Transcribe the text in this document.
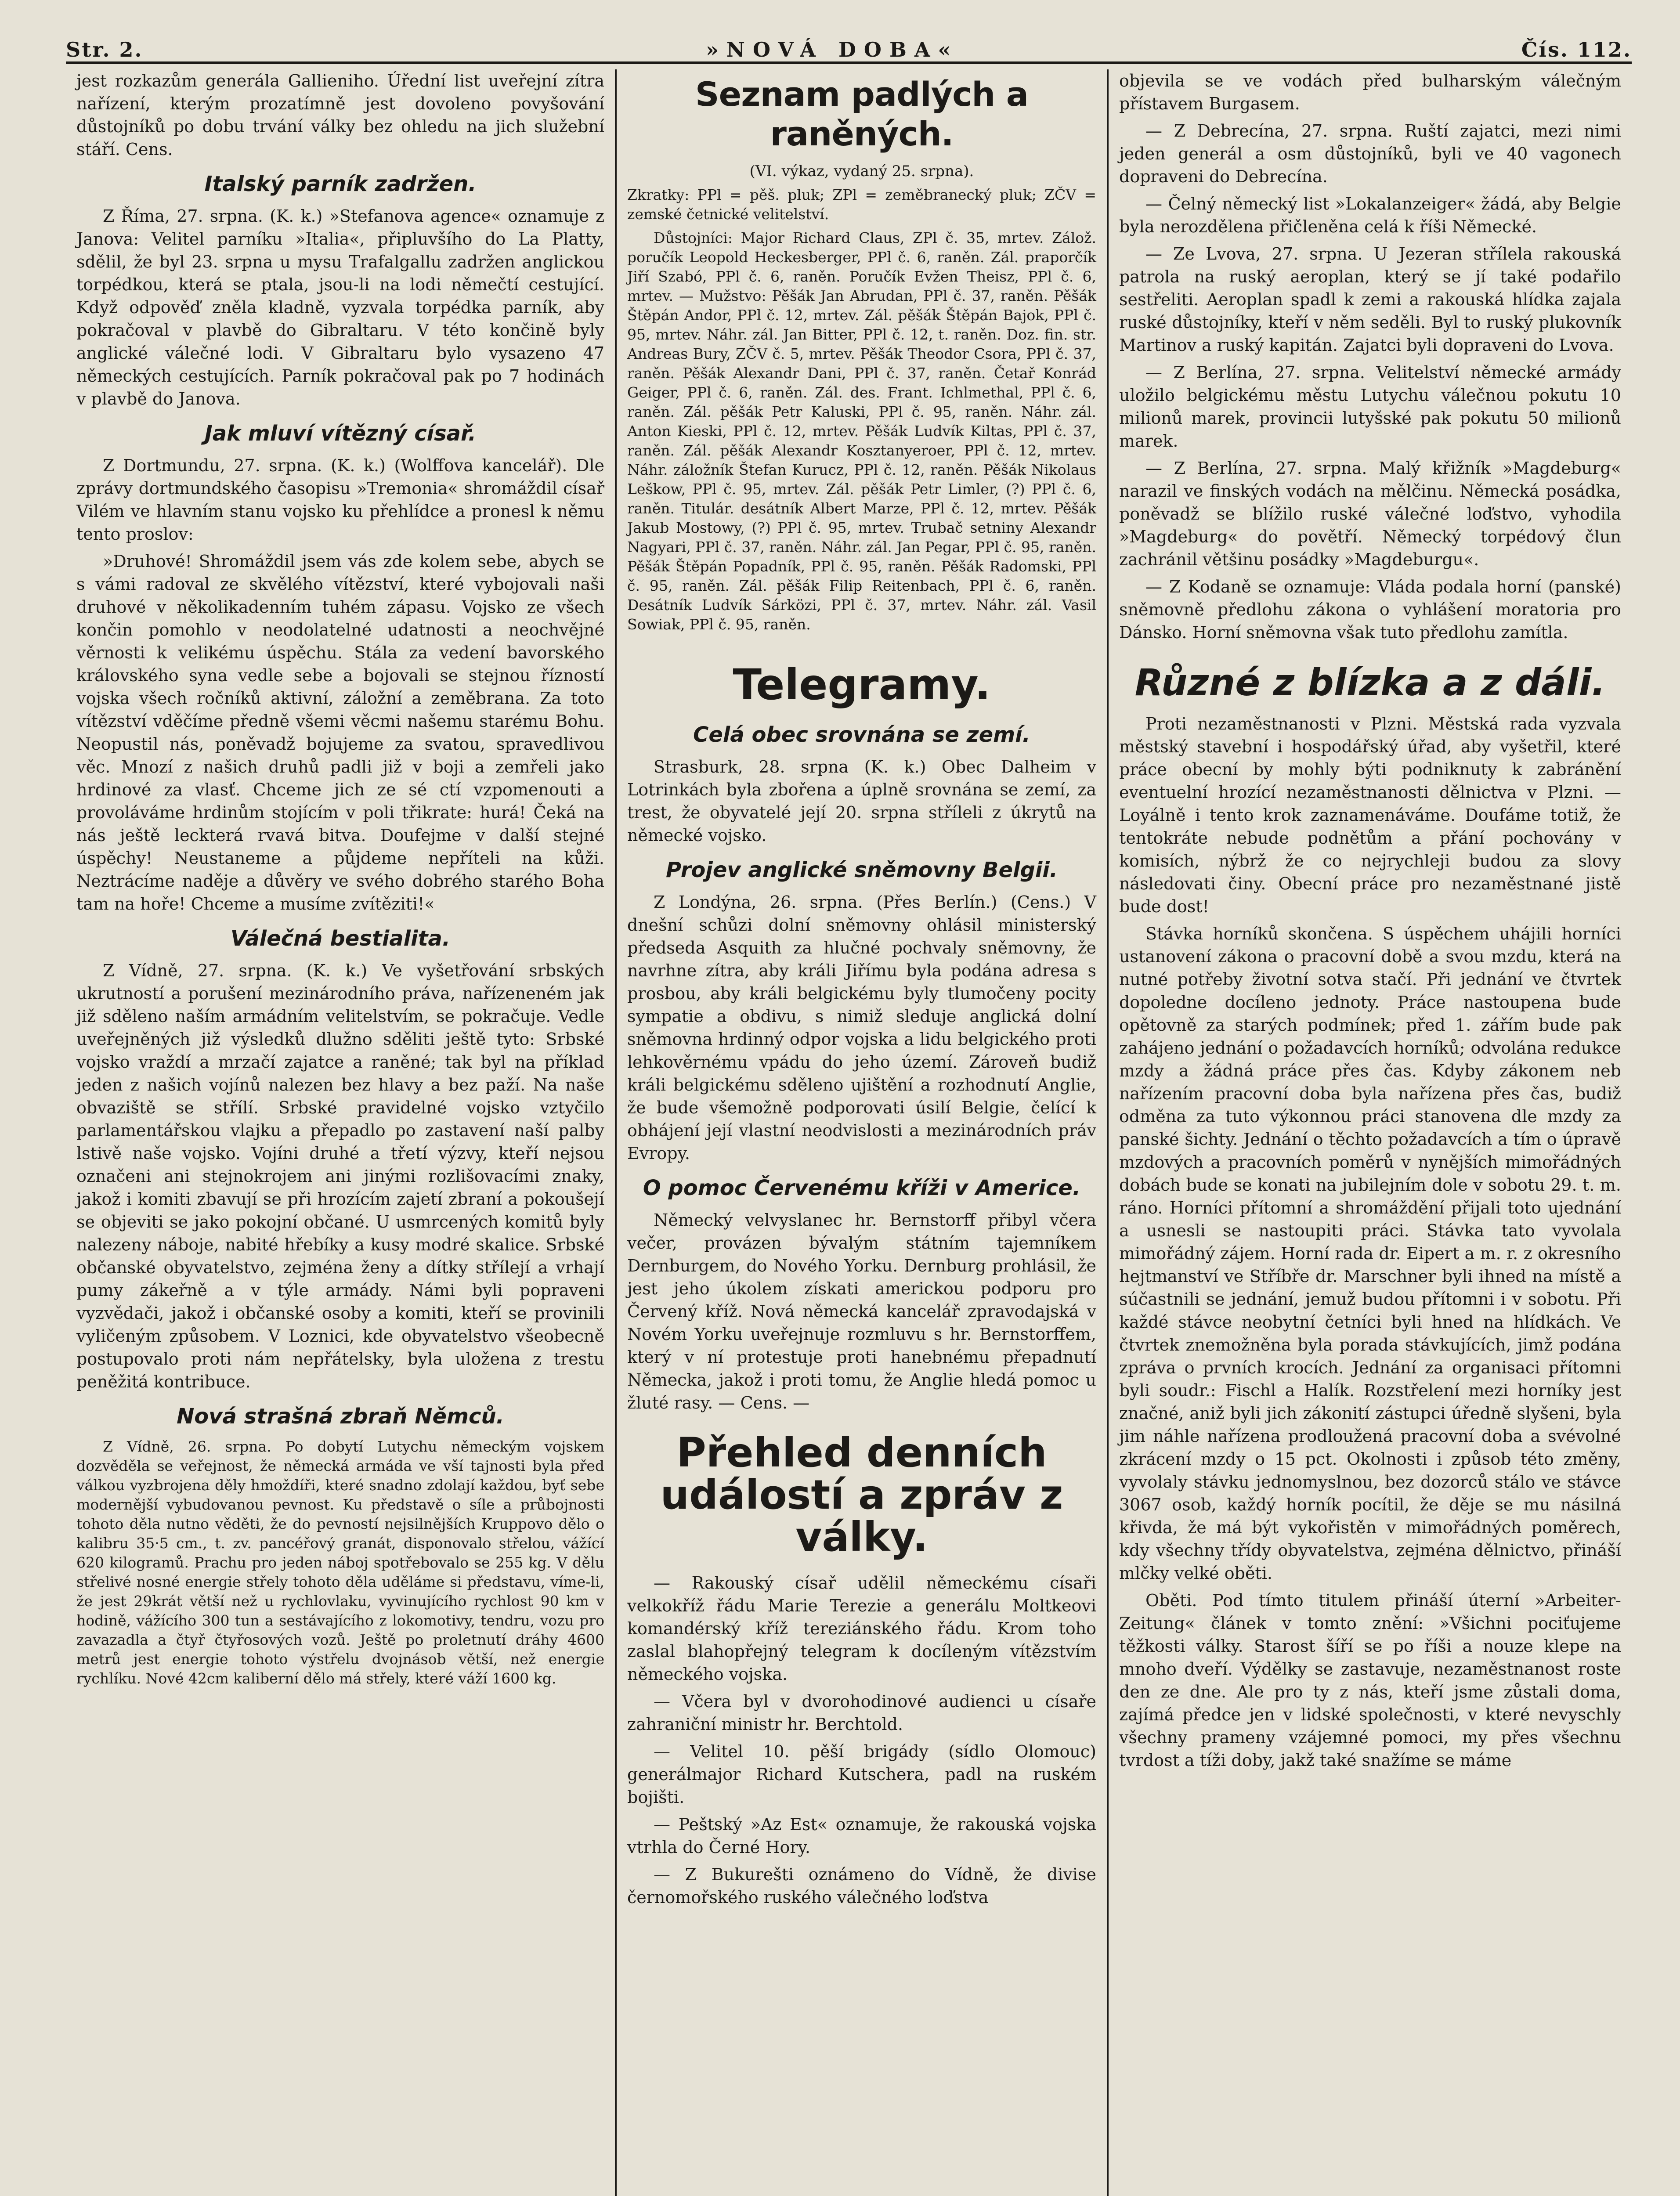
Str. 2.	»NOVÁ DOBA«	Čís. 112.

jest rozkazům generála Gallieniho. Úřední list uveřejní zítra nařízení, kterým prozatímně jest dovoleno povyšování důstojníků po dobu trvání války bez ohledu na jich služební stáří. Cens.

Italský parník zadržen.

Z Říma, 27. srpna. (K. k.) »Stefanova agence« oznamuje z Janova: Velitel parníku »Italia«, připluvšího do La Platty, sdělil, že byl 23. srpna u mysu Trafalgallu zadržen anglickou torpédkou, která se ptala, jsou-li na lodi němečtí cestující. Když odpověď zněla kladně, vyzvala torpédka parník, aby pokračoval v plavbě do Gibraltaru. V této končině byly anglické válečné lodi. V Gibraltaru bylo vysazeno 47 německých cestujících. Parník pokračoval pak po 7 hodinách v plavbě do Janova.

Jak mluví vítězný císař.

Z Dortmundu, 27. srpna. (K. k.) (Wolffova kancelář). Dle zprávy dortmundského časopisu »Tremonia« shromáždil císař Vilém ve hlavním stanu vojsko ku přehlídce a pronesl k němu tento proslov:

»Druhové! Shromáždil jsem vás zde kolem sebe, abych se s vámi radoval ze skvělého vítězství, které vybojovali naši druhové v několikadenním tuhém zápasu. Vojsko ze všech končin pomohlo v neodolatelné udatnosti a neochvějné věrnosti k velikému úspěchu. Stála za vedení bavorského královského syna vedle sebe a bojovali se stejnou řízností vojska všech ročníků aktivní, záložní a zeměbrana. Za toto vítězství vděčíme předně všemi věcmi našemu starému Bohu. Neopustil nás, poněvadž bojujeme za svatou, spravedlivou věc. Mnozí z našich druhů padli již v boji a zemřeli jako hrdinové za vlasť. Chceme jich ze sé ctí vzpomenouti a provoláváme hrdinům stojícím v poli třikrate: hurá! Čeká na nás ještě leckterá rvavá bitva. Doufejme v další stejné úspěchy! Neustaneme a půjdeme nepříteli na kůži. Neztrácíme naděje a důvěry ve svého dobrého starého Boha tam na hoře! Chceme a musíme zvítěziti!«

Válečná bestialita.

Z Vídně, 27. srpna. (K. k.) Ve vyšetřování srbských ukrutností a porušení mezinárodního práva, nařízeneném jak již sděleno naším armádním velitelstvím, se pokračuje. Vedle uveřejněných již výsledků dlužno sděliti ještě tyto: Srbské vojsko vraždí a mrzačí zajatce a raněné; tak byl na příklad jeden z našich vojínů nalezen bez hlavy a bez paží. Na naše obvaziště se střílí. Srbské pravidelné vojsko vztyčilo parlamentářskou vlajku a přepadlo po zastavení naší palby lstivě naše vojsko. Vojíni druhé a třetí výzvy, kteří nejsou označeni ani stejnokrojem ani jinými rozlišovacími znaky, jakož i komiti zbavují se při hrozícím zajetí zbraní a pokoušejí se objeviti se jako pokojní občané. U usmrcených komitů byly nalezeny náboje, nabité hřebíky a kusy modré skalice. Srbské občanské obyvatelstvo, zejména ženy a dítky střílejí a vrhají pumy zákeřně a v týle armády. Námi byli popraveni vyzvědači, jakož i občanské osoby a komiti, kteří se provinili vyličeným způsobem. V Loznici, kde obyvatelstvo všeobecně postupovalo proti nám nepřátelsky, byla uložena z trestu peněžitá kontribuce.

Nová strašná zbraň Němců.

Z Vídně, 26. srpna. Po dobytí Lutychu německým vojskem dozvěděla se veřejnost, že německá armáda ve vší tajnosti byla před válkou vyzbrojena děly hmoždíři, které snadno zdolají každou, byť sebe modernější vybudovanou pevnost. Ku představě o síle a průbojnosti tohoto děla nutno věděti, že do pevností nejsilnějších Kruppovo dělo o kalibru 35·5 cm., t. zv. pancéřový granát, disponovalo střelou, vážící 620 kilogramů. Prachu pro jeden náboj spotřebovalo se 255 kg. V dělu střelivé nosné energie střely tohoto děla uděláme si představu, víme-li, že jest 29krát větší než u rychlovlaku, vyvinujícího rychlost 90 km v hodině, vážícího 300 tun a sestávajícího z lokomotivy, tendru, vozu pro zavazadla a čtyř čtyřosových vozů. Ještě po proletnutí dráhy 4600 metrů jest energie tohoto výstřelu dvojnásob větší, než energie rychlíku. Nové 42cm kaliberní dělo má střely, které váží 1600 kg.

Seznam padlých a raněných.
(VI. výkaz, vydaný 25. srpna).

Zkratky: PPl = pěš. pluk; ZPl = zeměbranecký pluk; ZČV = zemské četnické velitelství.

Důstojníci: Major Richard Claus, ZPl č. 35, mrtev. Zálož. poručík Leopold Heckesberger, PPl č. 6, raněn. Zál. praporčík Jiří Szabó, PPl č. 6, raněn. Poručík Evžen Theisz, PPl č. 6, mrtev. — Mužstvo: Pěšák Jan Abrudan, PPl č. 37, raněn. Pěšák Štěpán Andor, PPl č. 12, mrtev. Zál. pěšák Štěpán Bajok, PPl č. 95, mrtev. Náhr. zál. Jan Bitter, PPl č. 12, t. raněn. Doz. fin. str. Andreas Bury, ZČV č. 5, mrtev. Pěšák Theodor Csora, PPl č. 37, raněn. Pěšák Alexandr Dani, PPl č. 37, raněn. Četař Konrád Geiger, PPl č. 6, raněn. Zál. des. Frant. Ichlmethal, PPl č. 6, raněn. Zál. pěšák Petr Kaluski, PPl č. 95, raněn. Náhr. zál. Anton Kieski, PPl č. 12, mrtev. Pěšák Ludvík Kiltas, PPl č. 37, raněn. Zál. pěšák Alexandr Kosztanyeroer, PPl č. 12, mrtev. Náhr. záložník Štefan Kurucz, PPl č. 12, raněn. Pěšák Nikolaus Leškow, PPl č. 95, mrtev. Zál. pěšák Petr Limler, (?) PPl č. 6, raněn. Titulár. desátník Albert Marze, PPl č. 12, mrtev. Pěšák Jakub Mostowy, (?) PPl č. 95, mrtev. Trubač setniny Alexandr Nagyari, PPl č. 37, raněn. Náhr. zál. Jan Pegar, PPl č. 95, raněn. Pěšák Štěpán Popadník, PPl č. 95, raněn. Pěšák Radomski, PPl č. 95, raněn. Zál. pěšák Filip Reitenbach, PPl č. 6, raněn. Desátník Ludvík Sárközi, PPl č. 37, mrtev. Náhr. zál. Vasil Sowiak, PPl č. 95, raněn.

Telegramy.
Celá obec srovnána se zemí.

Strasburk, 28. srpna (K. k.) Obec Dalheim v Lotrinkách byla zbořena a úplně srovnána se zemí, za trest, že obyvatelé její 20. srpna stříleli z úkrytů na německé vojsko.

Projev anglické sněmovny Belgii.

Z Londýna, 26. srpna. (Přes Berlín.) (Cens.) V dnešní schůzi dolní sněmovny ohlásil ministerský předseda Asquith za hlučné pochvaly sněmovny, že navrhne zítra, aby králi Jiřímu byla podána adresa s prosbou, aby králi belgickému byly tlumočeny pocity sympatie a obdivu, s nimiž sleduje anglická dolní sněmovna hrdinný odpor vojska a lidu belgického proti lehkověrnému vpádu do jeho území. Zároveň budiž králi belgickému sděleno ujištění a rozhodnutí Anglie, že bude všemožně podporovati úsilí Belgie, čelící k obhájení její vlastní neodvislosti a mezinárodních práv Evropy.

O pomoc Červenému kříži v Americe.

Německý velvyslanec hr. Bernstorff přibyl včera večer, provázen bývalým státním tajemníkem Dernburgem, do Nového Yorku. Dernburg prohlásil, že jest jeho úkolem získati americkou podporu pro Červený kříž. Nová německá kancelář zpravodajská v Novém Yorku uveřejnuje rozmluvu s hr. Bernstorffem, který v ní protestuje proti hanebnému přepadnutí Německa, jakož i proti tomu, že Anglie hledá pomoc u žluté rasy. — Cens. —

Přehled denních událostí a zpráv z války.

— Rakouský císař udělil německému císaři velkokříž řádu Marie Terezie a generálu Moltkeovi komandérský kříž tereziánského řádu. Krom toho zaslal blahopřejný telegram k docíleným vítězstvím německého vojska.

— Včera byl v dvorohodinové audienci u císaře zahraniční ministr hr. Berchtold.

— Velitel 10. pěší brigády (sídlo Olomouc) generálmajor Richard Kutschera, padl na ruském bojišti.

— Peštský »Az Est« oznamuje, že rakouská vojska vtrhla do Černé Hory.

— Z Bukurešti oznámeno do Vídně, že divise černomořského ruského válečného loďstva

objevila se ve vodách před bulharským válečným přístavem Burgasem.

— Z Debrecína, 27. srpna. Ruští zajatci, mezi nimi jeden generál a osm důstojníků, byli ve 40 vagonech dopraveni do Debrecína.

— Čelný německý list »Lokalanzeiger« žádá, aby Belgie byla nerozdělena přičleněna celá k říši Německé.

— Ze Lvova, 27. srpna. U Jezeran střílela rakouská patrola na ruský aeroplan, který se jí také podařilo sestřeliti. Aeroplan spadl k zemi a rakouská hlídka zajala ruské důstojníky, kteří v něm seděli. Byl to ruský plukovník Martinov a ruský kapitán. Zajatci byli dopraveni do Lvova.

— Z Berlína, 27. srpna. Velitelství německé armády uložilo belgickému městu Lutychu válečnou pokutu 10 milionů marek, provincii lutyšské pak pokutu 50 milionů marek.

— Z Berlína, 27. srpna. Malý křižník »Magdeburg« narazil ve finských vodách na mělčinu. Německá posádka, poněvadž se blížilo ruské válečné loďstvo, vyhodila »Magdeburg« do povětří. Německý torpédový člun zachránil většinu posádky »Magdeburgu«.

— Z Kodaně se oznamuje: Vláda podala horní (panské) sněmovně předlohu zákona o vyhlášení moratoria pro Dánsko. Horní sněmovna však tuto předlohu zamítla.

Různé z blízka a z dáli.

Proti nezaměstnanosti v Plzni. Městská rada vyzvala městský stavební i hospodářský úřad, aby vyšetřil, které práce obecní by mohly býti podniknuty k zabránění eventuelní hrozící nezaměstnanosti dělnictva v Plzni. — Loyálně i tento krok zaznamenáváme. Doufáme totiž, že tentokráte nebude podnětům a přání pochovány v komisích, nýbrž že co nejrychleji budou za slovy následovati činy. Obecní práce pro nezaměstnané jistě bude dost!

Stávka horníků skončena. S úspěchem uhájili horníci ustanovení zákona o pracovní době a svou mzdu, která na nutné potřeby životní sotva stačí. Při jednání ve čtvrtek dopoledne docíleno jednoty. Práce nastoupena bude opětovně za starých podmínek; před 1. zářím bude pak zahájeno jednání o požadavcích horníků; odvolána redukce mzdy a žádná práce přes čas. Kdyby zákonem neb nařízením pracovní doba byla nařízena přes čas, budiž odměna za tuto výkonnou práci stanovena dle mzdy za panské šichty. Jednání o těchto požadavcích a tím o úpravě mzdových a pracovních poměrů v nynějších mimořádných dobách bude se konati na jubilejním dole v sobotu 29. t. m. ráno. Horníci přítomní a shromáždění přijali toto ujednání a usnesli se nastoupiti práci. Stávka tato vyvolala mimořádný zájem. Horní rada dr. Eipert a m. r. z okresního hejtmanství ve Stříbře dr. Marschner byli ihned na místě a súčastnili se jednání, jemuž budou přítomni i v sobotu. Při každé stávce neobytní četníci byli hned na hlídkách. Ve čtvrtek znemožněna byla porada stávkujících, jimž podána zpráva o prvních krocích. Jednání za organisaci přítomni byli soudr.: Fischl a Halík. Rozstřelení mezi horníky jest značné, aniž byli jich zákonití zástupci úředně slyšeni, byla jim náhle nařízena prodloužená pracovní doba a svévolné zkrácení mzdy o 15 pct. Okolnosti i způsob této změny, vyvolaly stávku jednomyslnou, bez dozorců stálo ve stávce 3067 osob, každý horník pocítil, že děje se mu násilná křivda, že má být vykořistěn v mimořádných poměrech, kdy všechny třídy obyvatelstva, zejména dělnictvo, přináší mlčky velké oběti.

Oběti. Pod tímto titulem přináší úterní »Arbeiter-Zeitung« článek v tomto znění: »Všichni pociťujeme těžkosti války. Starost šíří se po říši a nouze klepe na mnoho dveří. Výdělky se zastavuje, nezaměstnanost roste den ze dne. Ale pro ty z nás, kteří jsme zůstali doma, zajímá předce jen v lidské společnosti, v které nevyschly všechny prameny vzájemné pomoci, my přes všechnu tvrdost a tíži doby, jakž také snažíme se máme
